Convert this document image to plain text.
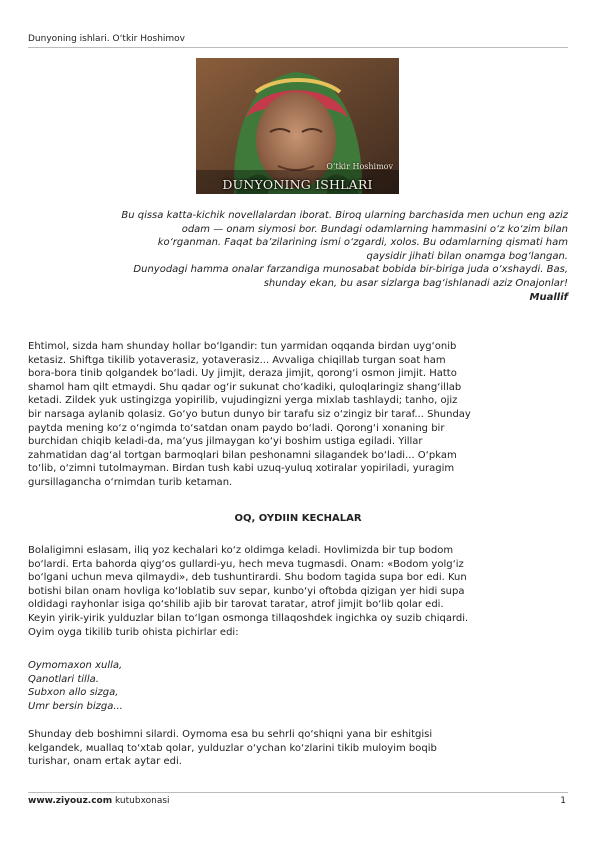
Dunyoning ishlari. O‘tkir Hoshimov
O‘tkir Hoshimov
DUNYONING ISHLARI

Bu qissa katta-kichik novellalardan iborat. Biroq ularning barchasida men uchun eng aziz

odam — onam siymosi bor. Bundagi odamlarning hammasini o‘z ko‘zim bilan

ko‘rganman. Faqat ba’zilarining ismi o‘zgardi, xolos. Bu odamlarning qismati ham

qaysidir jihati bilan onamga bog‘langan.

Dunyodagi hamma onalar farzandiga munosabat bobida bir-biriga juda o‘xshaydi. Bas,

shunday ekan, bu asar sizlarga bag‘ishlanadi aziz Onajonlar!

Muallif

Ehtimol, sizda ham shunday hollar bo‘lgandir: tun yarmidan oqqanda birdan uyg‘onib

ketasiz. Shiftga tikilib yotaverasiz, yotaverasiz... Avvaliga chiqillab turgan soat ham

bora-bora tinib qolgandek bo‘ladi. Uy jimjit, deraza jimjit, qorong‘i osmon jimjit. Hatto

shamol ham qilt etmaydi. Shu qadar og‘ir sukunat cho‘kadiki, quloqlaringiz shang‘illab

ketadi. Zildek yuk ustingizga yopirilib, vujudingizni yerga mixlab tashlaydi; tanho, ojiz

bir narsaga aylanib qolasiz. Go‘yo butun dunyo bir tarafu siz o‘zingiz bir taraf... Shunday

paytda mening ko‘z o‘ngimda to‘satdan onam paydo bo‘ladi. Qorong‘i xonaning bir

burchidan chiqib keladi-da, ma’yus jilmaygan ko‘yi boshim ustiga egiladi. Yillar

zahmatidan dag‘al tortgan barmoqlari bilan peshonamni silagandek bo‘ladi... O‘pkam

to‘lib, o‘zimni tutolmayman. Birdan tush kabi uzuq-yuluq xotiralar yopiriladi, yuragim

gursillagancha o‘rnimdan turib ketaman.

OQ, OYDIIN KECHALAR

Bolaligimni eslasam, iliq yoz kechalari ko‘z oldimga keladi. Hovlimizda bir tup bodom

bo‘lardi. Erta bahorda qiyg‘os gullardi-yu, hech meva tugmasdi. Onam: «Bodom yolg‘iz

bo‘lgani uchun meva qilmaydi», deb tushuntirardi. Shu bodom tagida supa bor edi. Kun

botishi bilan onam hovliga ko‘loblatib suv separ, kunbo‘yi oftobda qizigan yer hidi supa

oldidagi rayhonlar isiga qo‘shilib ajib bir tarovat taratar, atrof jimjit bo‘lib qolar edi.

Keyin yirik-yirik yulduzlar bilan to‘lgan osmonga tillaqoshdek ingichka oy suzib chiqardi.

Oyim oyga tikilib turib ohista pichirlar edi:

Oymomaxon xulla,
Qanotlari tilla.
Subxon allo sizga,
Umr bersin bizga...

Shunday deb boshimni silardi. Oymoma esa bu sehrli qo‘shiqni yana bir eshitgisi

kelgandek, мuallaq to‘xtab qolar, yulduzlar o‘ychan ko‘zlarini tikib muloyim boqib

turishar, onam ertak aytar edi.

www.ziyouz.com kutubxonasi	1
